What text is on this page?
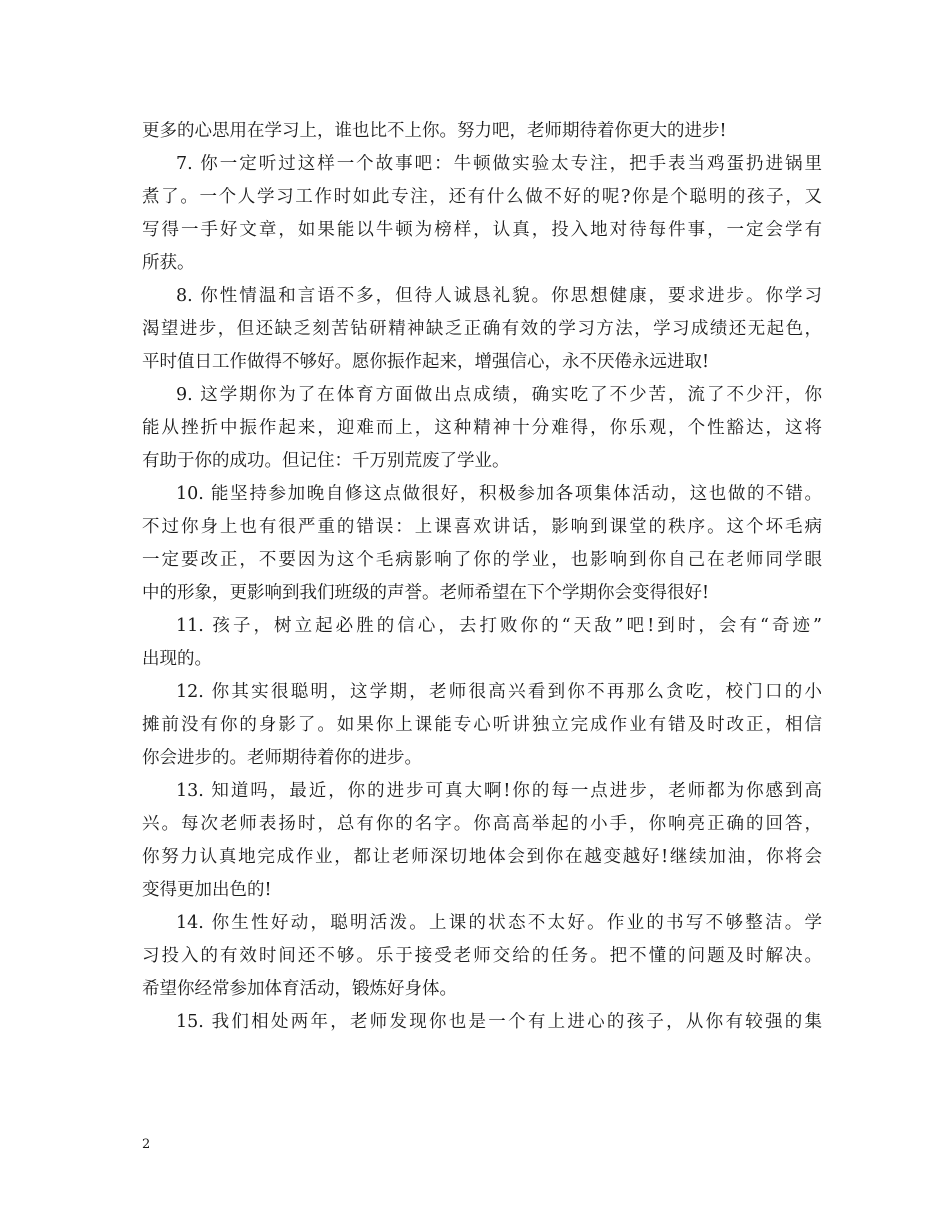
更多的心思用在学习上，谁也比不上你。努力吧，老师期待着你更大的进步!
7. 你一定听过这样一个故事吧：牛顿做实验太专注，把手表当鸡蛋扔进锅里
煮了。一个人学习工作时如此专注，还有什么做不好的呢?你是个聪明的孩子，又
写得一手好文章，如果能以牛顿为榜样，认真，投入地对待每件事，一定会学有
所获。
8. 你性情温和言语不多，但待人诚恳礼貌。你思想健康，要求进步。你学习
渴望进步，但还缺乏刻苦钻研精神缺乏正确有效的学习方法，学习成绩还无起色，
平时值日工作做得不够好。愿你振作起来，增强信心，永不厌倦永远进取!
9. 这学期你为了在体育方面做出点成绩，确实吃了不少苦，流了不少汗，你
能从挫折中振作起来，迎难而上，这种精神十分难得，你乐观，个性豁达，这将
有助于你的成功。但记住：千万别荒废了学业。
10. 能坚持参加晚自修这点做很好，积极参加各项集体活动，这也做的不错。
不过你身上也有很严重的错误：上课喜欢讲话，影响到课堂的秩序。这个坏毛病
一定要改正，不要因为这个毛病影响了你的学业，也影响到你自己在老师同学眼
中的形象，更影响到我们班级的声誉。老师希望在下个学期你会变得很好!
11. 孩子，树立起必胜的信心，去打败你的“天敌”吧!到时，会有“奇迹”
出现的。
12. 你其实很聪明，这学期，老师很高兴看到你不再那么贪吃，校门口的小
摊前没有你的身影了。如果你上课能专心听讲独立完成作业有错及时改正，相信
你会进步的。老师期待着你的进步。
13. 知道吗，最近，你的进步可真大啊!你的每一点进步，老师都为你感到高
兴。每次老师表扬时，总有你的名字。你高高举起的小手，你响亮正确的回答，
你努力认真地完成作业，都让老师深切地体会到你在越变越好!继续加油，你将会
变得更加出色的!
14. 你生性好动，聪明活泼。上课的状态不太好。作业的书写不够整洁。学
习投入的有效时间还不够。乐于接受老师交给的任务。把不懂的问题及时解决。
希望你经常参加体育活动，锻炼好身体。
15. 我们相处两年，老师发现你也是一个有上进心的孩子，从你有较强的集
2
